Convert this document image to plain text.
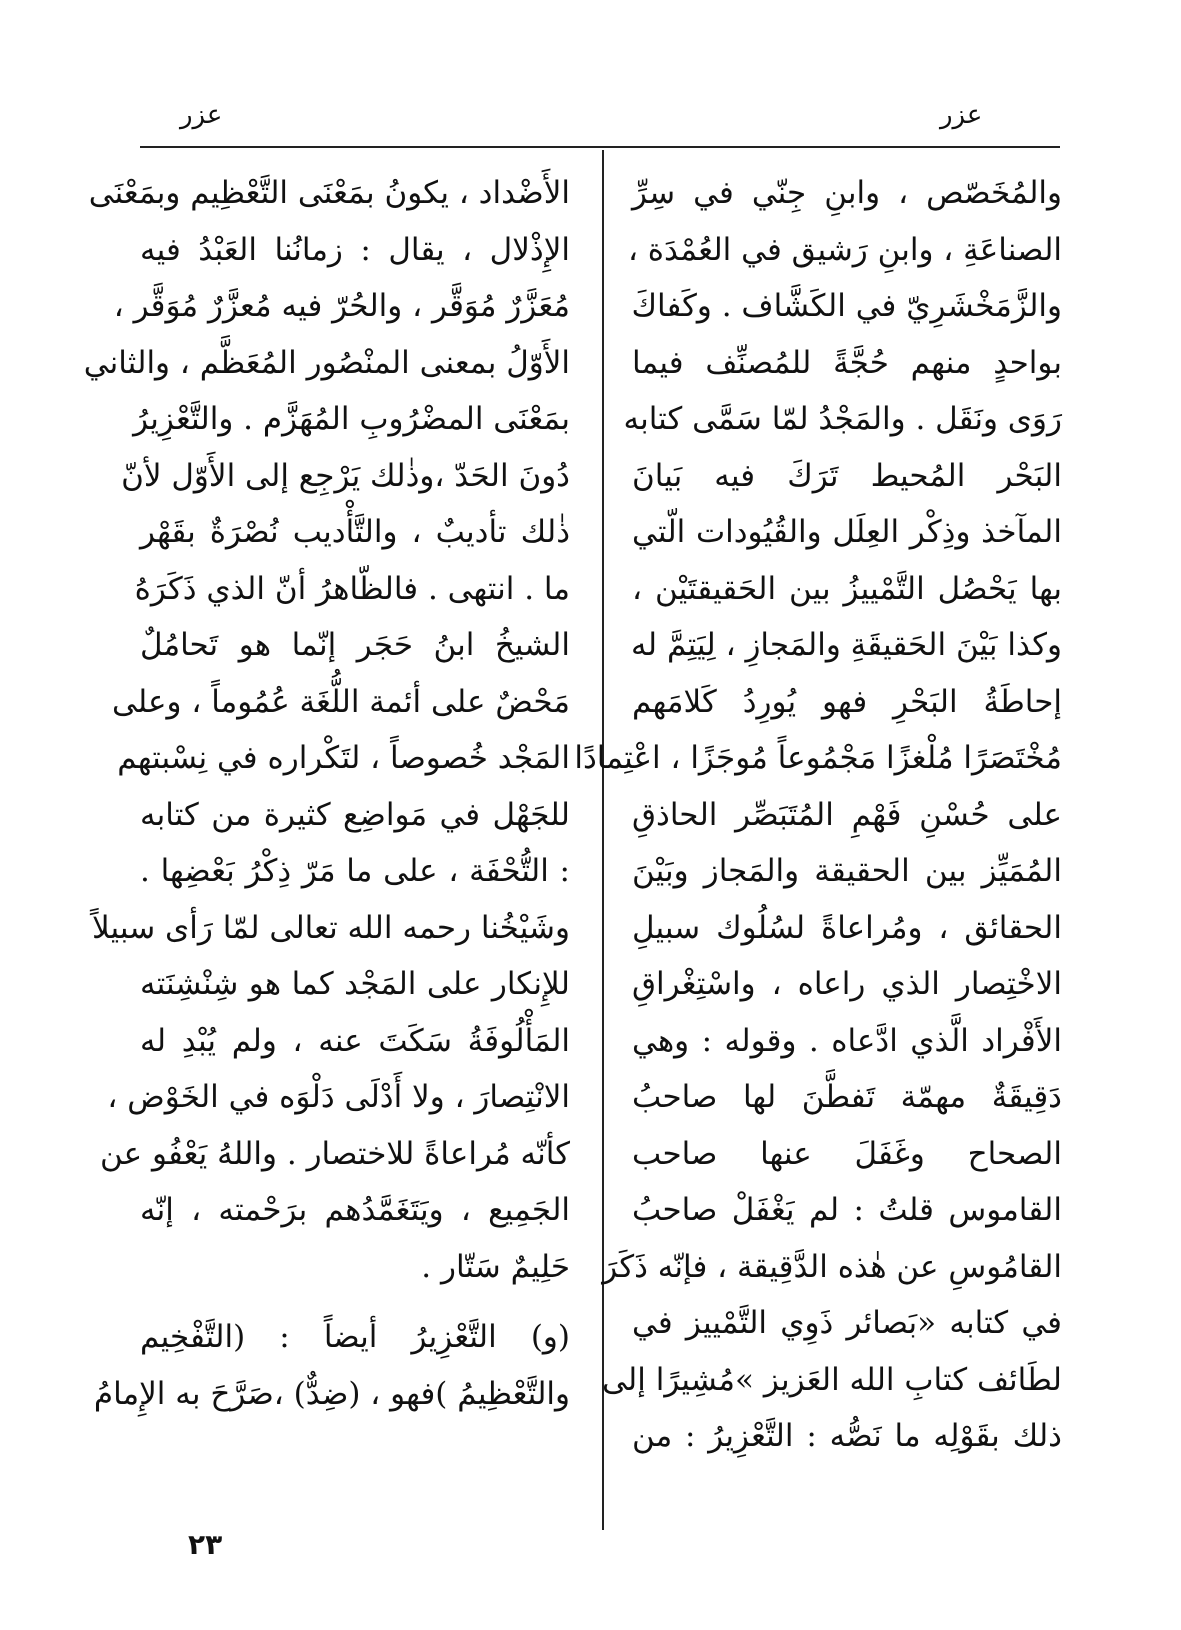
عزر
عزر
والمُخَصّص ، وابنِ جِنّي في سِرِّ
الصناعَةِ ، وابنِ رَشيق في العُمْدَة ،
والزَّمَخْشَرِيّ في الكَشَّاف . وكَفاكَ
بواحدٍ منهم حُجَّةً للمُصنِّف فيما
رَوَى ونَقَل . والمَجْدُ لمّا سَمَّى كتابه
البَحْر المُحيط تَرَكَ فيه بَيانَ
المآخذ وذِكْر العِلَل والقُيُودات الّتي
بها يَحْصُل التَّمْييزُ بين الحَقيقتَيْن ،
وكذا بَيْنَ الحَقيقَةِ والمَجازِ ، لِيَتِمَّ له
إحاطَةُ البَحْرِ فهو يُورِدُ كَلامَهم
مُخْتَصَرًا مُلْغزًا مَجْمُوعاً مُوجَزًا ، اعْتِمادًا
على حُسْنِ فَهْمِ المُتَبَصِّر الحاذقِ
المُمَيِّز بين الحقيقة والمَجاز وبَيْنَ
الحقائق ، ومُراعاةً لسُلُوك سبيلِ
الاخْتِصار الذي راعاه ، واسْتِغْراقِ
الأَفْراد الَّذي ادَّعاه . وقوله : وهي
دَقِيقَةٌ مهمّة تَفطَّنَ لها صاحبُ
الصحاح وغَفَلَ عنها صاحب
القاموس قلتُ : لم يَغْفَلْ صاحبُ
القامُوسِ عن هٰذه الدَّقِيقة ، فإنّه ذَكَرَ
في كتابه «بَصائر ذَوِي التَّمْييز في
لطَائف كتابِ الله العَزيز »مُشِيرًا إلى
ذلك بقَوْلِه ما نَصُّه : التَّعْزِيرُ : من
الأَضْداد ، يكونُ بمَعْنَى التَّعْظِيم وبمَعْنَى
الإِذْلال ، يقال : زمانُنا العَبْدُ فيه
مُعَزَّرٌ مُوَقَّر ، والحُرّ فيه مُعزَّرٌ مُوَقَّر ،
الأَوّلُ بمعنى المنْصُور المُعَظَّم ، والثاني
بمَعْنَى المضْرُوبِ المُهَزَّم . والتَّعْزِيرُ
دُونَ الحَدّ ،وذٰلك يَرْجِع إلى الأَوّل لأنّ
ذٰلك تأديبٌ ، والتَّأْديب نُصْرَةٌ بقَهْر
ما . انتهى . فالظّاهرُ أنّ الذي ذَكَرَهُ
الشيخُ ابنُ حَجَر إنّما هو تَحامُلٌ
مَحْضٌ على أئمة اللُّغَة عُمُوماً ، وعلى
المَجْد خُصوصاً ، لتَكْراره في نِسْبتهم
للجَهْل في مَواضِع كثيرة من كتابه
: التُّحْفَة ، على ما مَرّ ذِكْرُ بَعْضِها .
وشَيْخُنا رحمه الله تعالى لمّا رَأى سبيلاً
للإِنكار على المَجْد كما هو شِنْشِنَته
المَأْلُوفَةُ سَكَتَ عنه ، ولم يُبْدِ له
الانْتِصارَ ، ولا أَدْلَى دَلْوَه في الخَوْض ،
كأنّه مُراعاةً للاختصار . واللهُ يَعْفُو عن
الجَمِيع ، ويَتَغَمَّدُهم برَحْمته ، إنّه
حَلِيمٌ سَتّار .
(و) التَّعْزِيرُ أيضاً : (التَّفْخِيم
والتَّعْظِيمُ )فهو ، (ضِدٌّ) ،صَرَّحَ به الإِمامُ
٢٣
